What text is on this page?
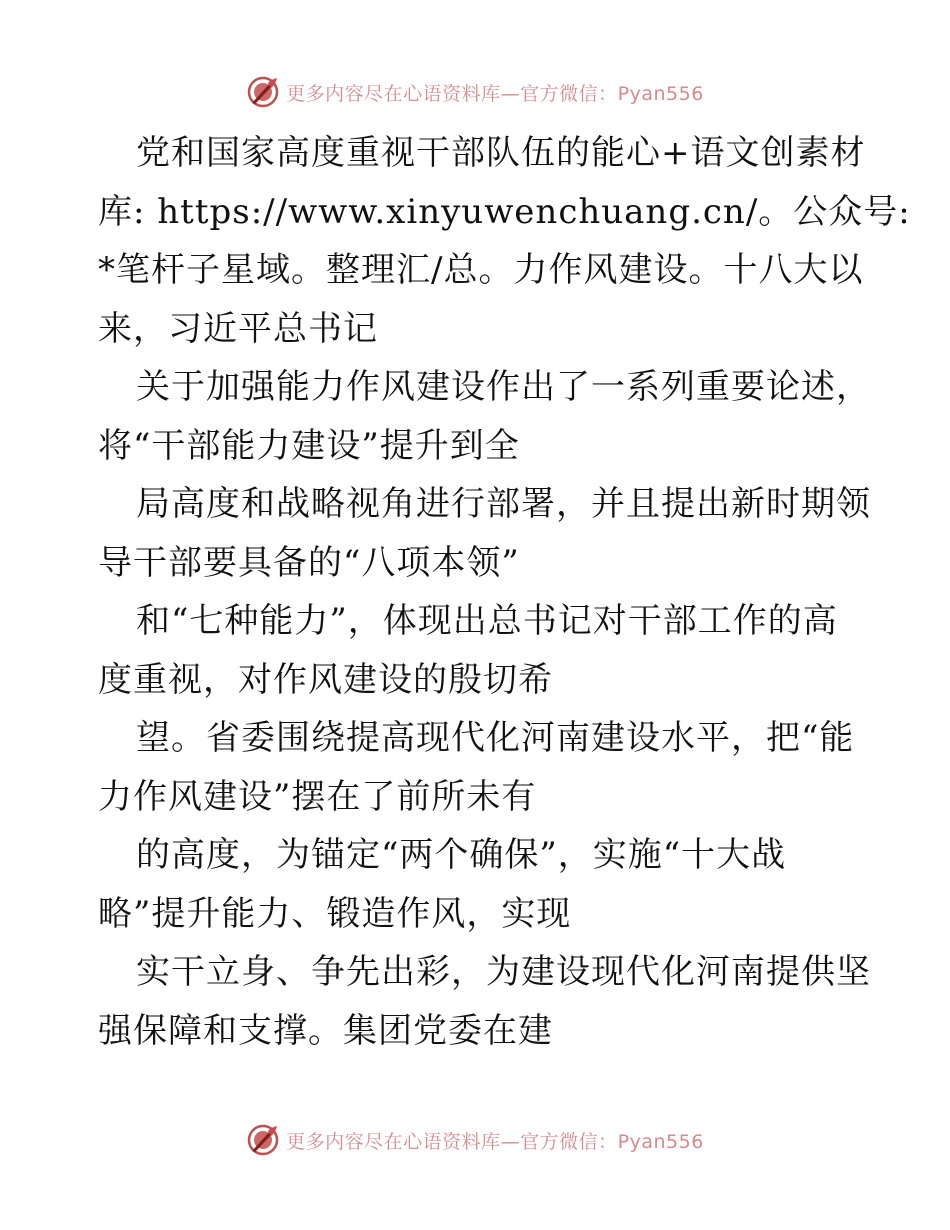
更多内容尽在心语资料库—官方微信：Pyan556
党和国家高度重视干部队伍的能心+语文创素材
库: https://www.xinyuwenchuang.cn/。公众号:
*笔杆子星域。整理汇/总。力作风建设。十八大以
来，习近平总书记
关于加强能力作风建设作出了一系列重要论述，
将“干部能力建设”提升到全
局高度和战略视角进行部署，并且提出新时期领
导干部要具备的“八项本领”
和“七种能力”，体现出总书记对干部工作的高
度重视，对作风建设的殷切希
望。省委围绕提高现代化河南建设水平，把“能
力作风建设”摆在了前所未有
的高度，为锚定“两个确保”，实施“十大战
略”提升能力、锻造作风，实现
实干立身、争先出彩，为建设现代化河南提供坚
强保障和支撑。集团党委在建
更多内容尽在心语资料库—官方微信：Pyan556
